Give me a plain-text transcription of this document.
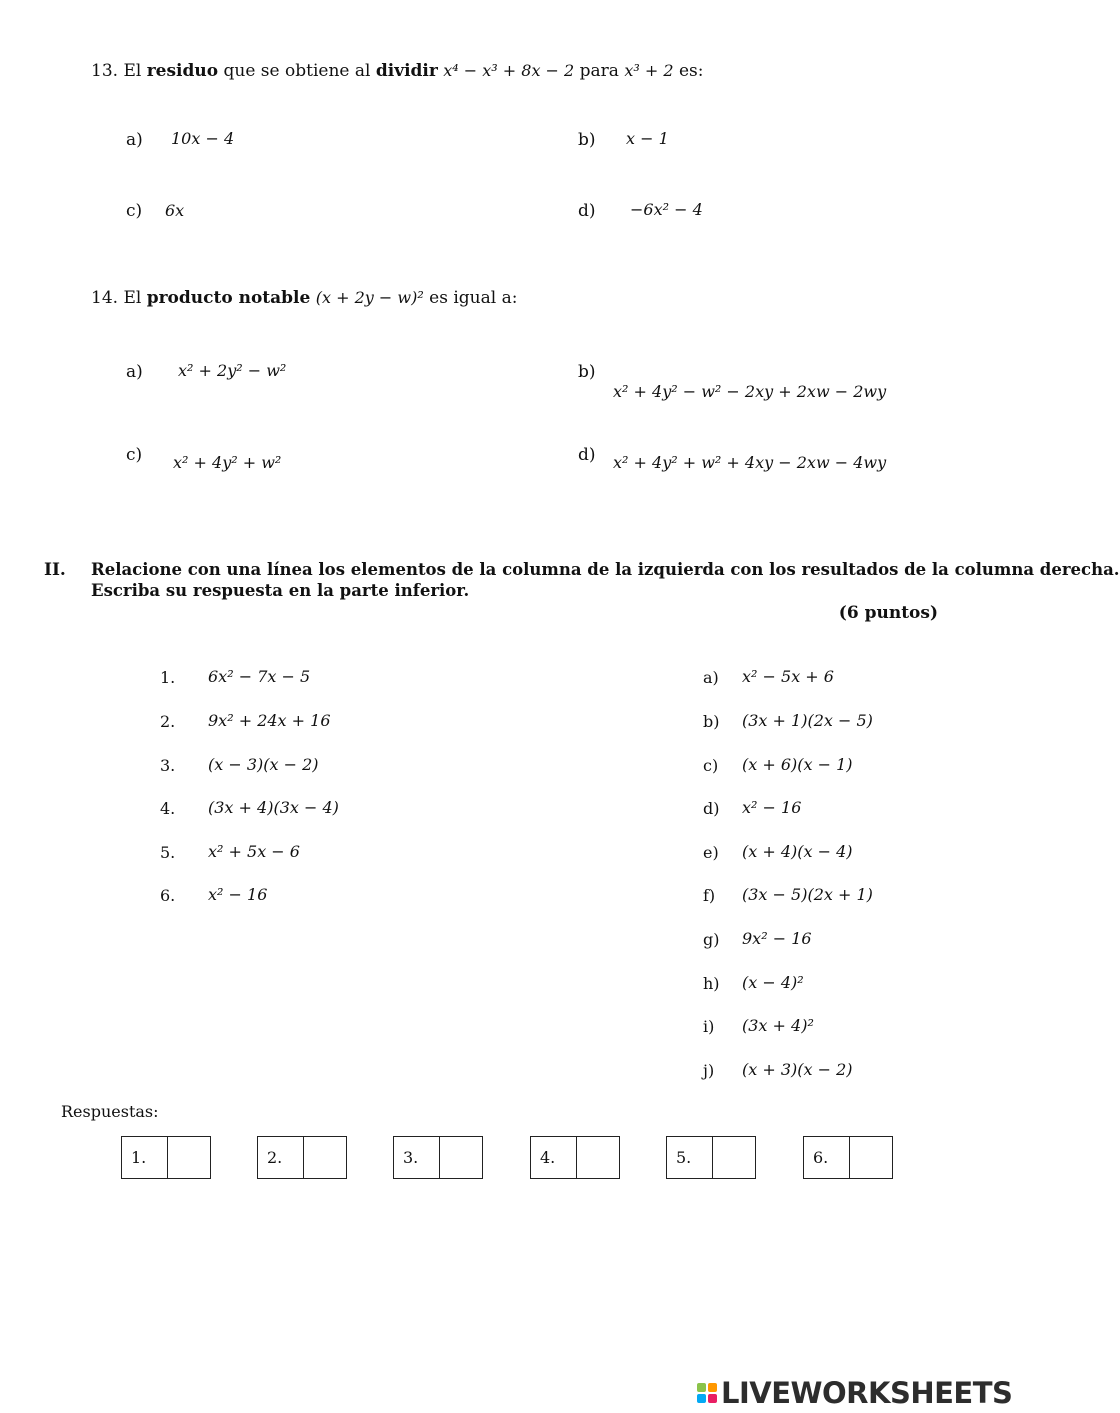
13. El residuo que se obtiene al dividir x⁴ − x³ + 8x − 2 para x³ + 2 es:
a) 10x − 4	b) x − 1
c) 6x	d) −6x² − 4
14. El producto notable (x + 2y − w)² es igual a:
a) x² + 2y² − w²	b)
x² + 4y² − w² − 2xy + 2xw − 2wy
c) x² + 4y² + w²	d) x² + 4y² + w² + 4xy − 2xw − 4wy
II. Relacione con una línea los elementos de la columna de la izquierda con los resultados de la columna derecha.
Escriba su respuesta en la parte inferior.
(6 puntos)
1. 6x² − 7x − 5
2. 9x² + 24x + 16
3. (x − 3)(x − 2)
4. (3x + 4)(3x − 4)
5. x² + 5x − 6
6. x² − 16
a) x² − 5x + 6
b) (3x + 1)(2x − 5)
c) (x + 6)(x − 1)
d) x² − 16
e) (x + 4)(x − 4)
f) (3x − 5)(2x + 1)
g) 9x² − 16
h) (x − 4)²
i) (3x + 4)²
j) (x + 3)(x − 2)
Respuestas:
1.	2.	3.	4.	5.	6.
LIVEWORKSHEETS
